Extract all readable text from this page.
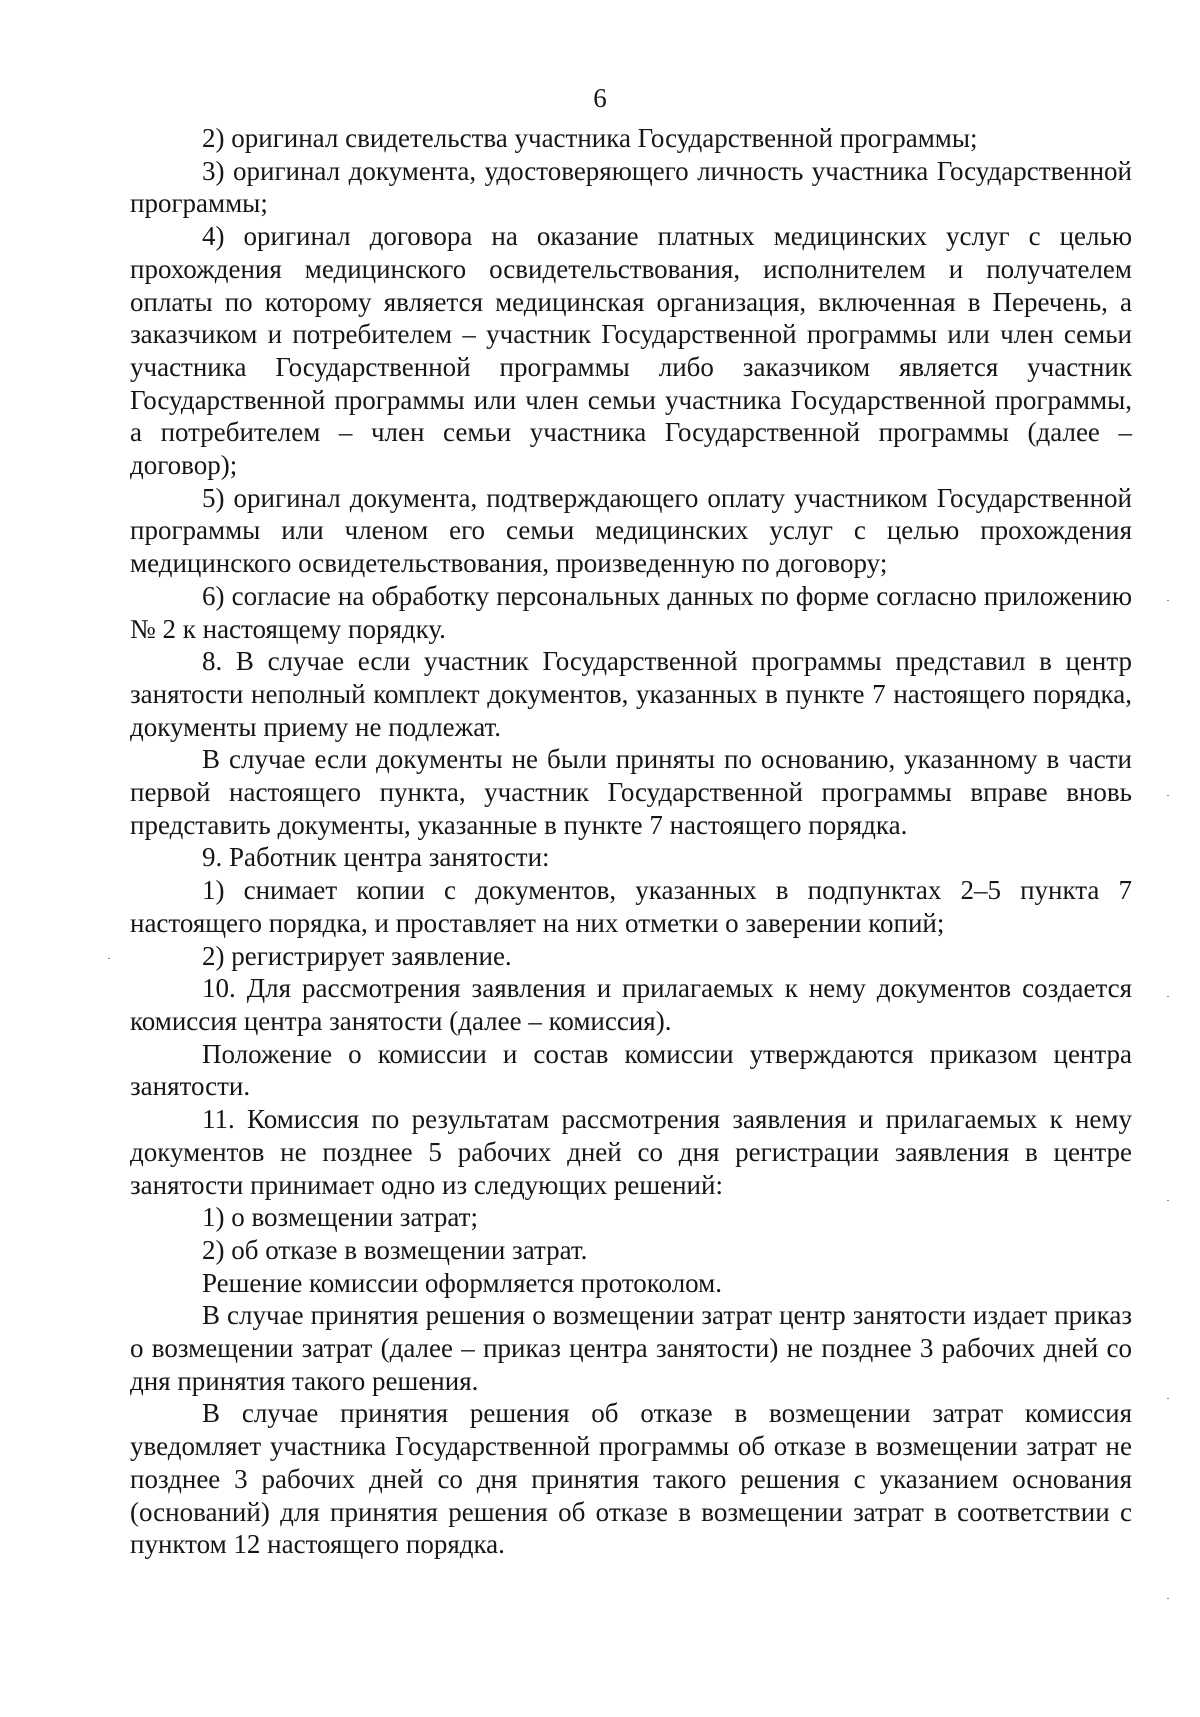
6

2) оригинал свидетельства участника Государственной программы;

3) оригинал документа, удостоверяющего личность участника Государственной программы;

4) оригинал договора на оказание платных медицинских услуг с целью прохождения медицинского освидетельствования, исполнителем и получателем оплаты по которому является медицинская организация, включенная в Перечень, а заказчиком и потребителем – участник Государственной программы или член семьи участника Государственной программы либо заказчиком является участник Государственной программы или член семьи участника Государственной программы, а потребителем – член семьи участника Государственной программы (далее – договор);

5) оригинал документа, подтверждающего оплату участником Государственной программы или членом его семьи медицинских услуг с целью прохождения медицинского освидетельствования, произведенную по договору;

6) согласие на обработку персональных данных по форме согласно приложению № 2 к настоящему порядку.

8. В случае если участник Государственной программы представил в центр занятости неполный комплект документов, указанных в пункте 7 настоящего порядка, документы приему не подлежат.

В случае если документы не были приняты по основанию, указанному в части первой настоящего пункта, участник Государственной программы вправе вновь представить документы, указанные в пункте 7 настоящего порядка.

9. Работник центра занятости:

1) снимает копии с документов, указанных в подпунктах 2–5 пункта 7 настоящего порядка, и проставляет на них отметки о заверении копий;

2) регистрирует заявление.

10. Для рассмотрения заявления и прилагаемых к нему документов создается комиссия центра занятости (далее – комиссия).

Положение о комиссии и состав комиссии утверждаются приказом центра занятости.

11. Комиссия по результатам рассмотрения заявления и прилагаемых к нему документов не позднее 5 рабочих дней со дня регистрации заявления в центре занятости принимает одно из следующих решений:

1) о возмещении затрат;

2) об отказе в возмещении затрат.

Решение комиссии оформляется протоколом.

В случае принятия решения о возмещении затрат центр занятости издает приказ о возмещении затрат (далее – приказ центра занятости) не позднее 3 рабочих дней со дня принятия такого решения.

В случае принятия решения об отказе в возмещении затрат комиссия уведомляет участника Государственной программы об отказе в возмещении затрат не позднее 3 рабочих дней со дня принятия такого решения с указанием основания (оснований) для принятия решения об отказе в возмещении затрат в соответствии с пунктом 12 настоящего порядка.
